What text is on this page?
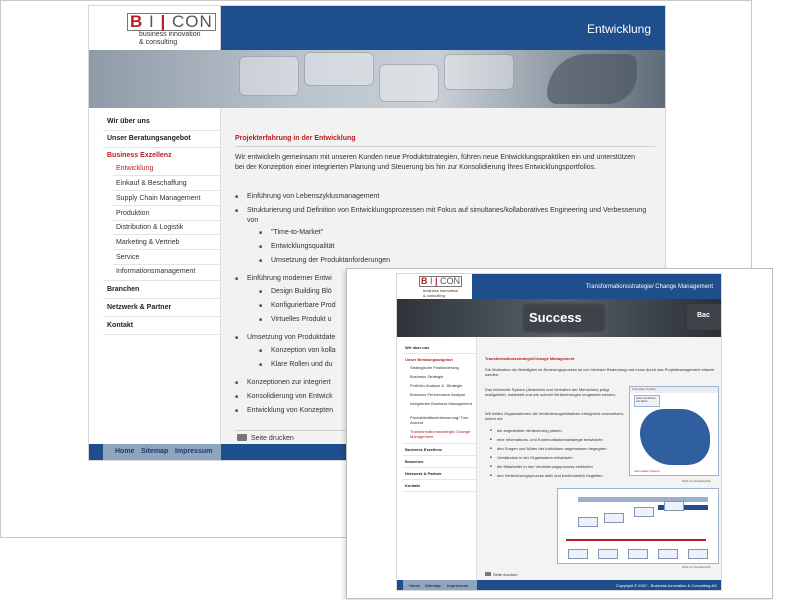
B I | CON
business innovation
& consulting
Entwicklung
Wir über uns
Unser Beratungsangebot
Business Exzellenz
Entwicklung
Einkauf & Beschaffung
Supply Chain Management
Produktion
Distribution & Logistik
Marketing & Vertrieb
Service
Informationsmanagement
Branchen
Netzwerk & Partner
Kontakt
Projekterfahrung in der Entwicklung
Wir entwickeln gemeinsam mit unseren Kunden neue Produktstrategien, führen neue Entwicklungspraktiken ein und unterstützen bei der Konzeption einer integrierten Planung und Steuerung bis hin zur Konsolidierung Ihres Entwicklungsportfolios.
■ Einführung von Lebenszyklusmanagement
■ Strukturierung und Definition von Entwicklungsprozessen mit Fokus auf simultanes/kollaboratives Engineering und Verbesserung von
■ "Time-to-Market"
■ Entwicklungsqualität
■ Umsetzung der Produktanforderungen
■ Einführung moderner Entwi
■ Design Building Blö
■ Konfigurierbare Prod
■ Virtuelles Produkt u
■ Umsetzung von Produktdate
■ Konzeption von kolla
■ Klare Rollen und du
■ Konzeptionen zur integriert
■ Konsolidierung von Entwick
■ Entwicklung von Konzepten
Seite drucken
Home Sitemap Impressum
B I | CON
business innovation
& consulting
Transformationsstrategie/ Change Management
Success	Bac
Wir über uns
Unser Beratungsangebot
Strategische Positionierung
Business Strategie
Portfolio-Analyse & -Strategie
Business Performance Analyse
Integriertes Business Management
Produktivitätsverbesserung/ Turn Around
Transformationsstrategie/ Change Management
Business Exzellenz
Branchen
Netzwerk & Partner
Kontakt
Transformationsstrategie/Change Management
Die Motivation der Beteiligten im Änderungsprozess ist von höchster Bedeutung und muss durch das Projektmanagement erlaubt werden.
Das informelle System (Ansichten und Verhalten der Menschen) prägt maßgeblich, inwieweit und wie schnell Veränderungen umgesetzt werden.
Wir helfen Organisationen die Veränderungsinitiativen erfolgreich umzusetzen, indem wir:
■ die angestrebte Veränderung planen
■ eine Informations- und Kommunikationsstrategie entwickeln
■ den Sorgen und Nöten der Individuen angemessen begegnen
■ Verständnis in der Organisation entwickeln
■ die Mitarbeiter in den Veränderungsprozess einbinden
■ den Veränderungsprozess aktiv und kontinuierlich begleiten
Formelles System
Geben & Nehmen von Zielen
Informelles System
Klick zur Großansicht
Klick zur Großansicht
Seite drucken
Home Sitemap Impressum	Copyright © 2007 - Business Innovation & Consulting AG
